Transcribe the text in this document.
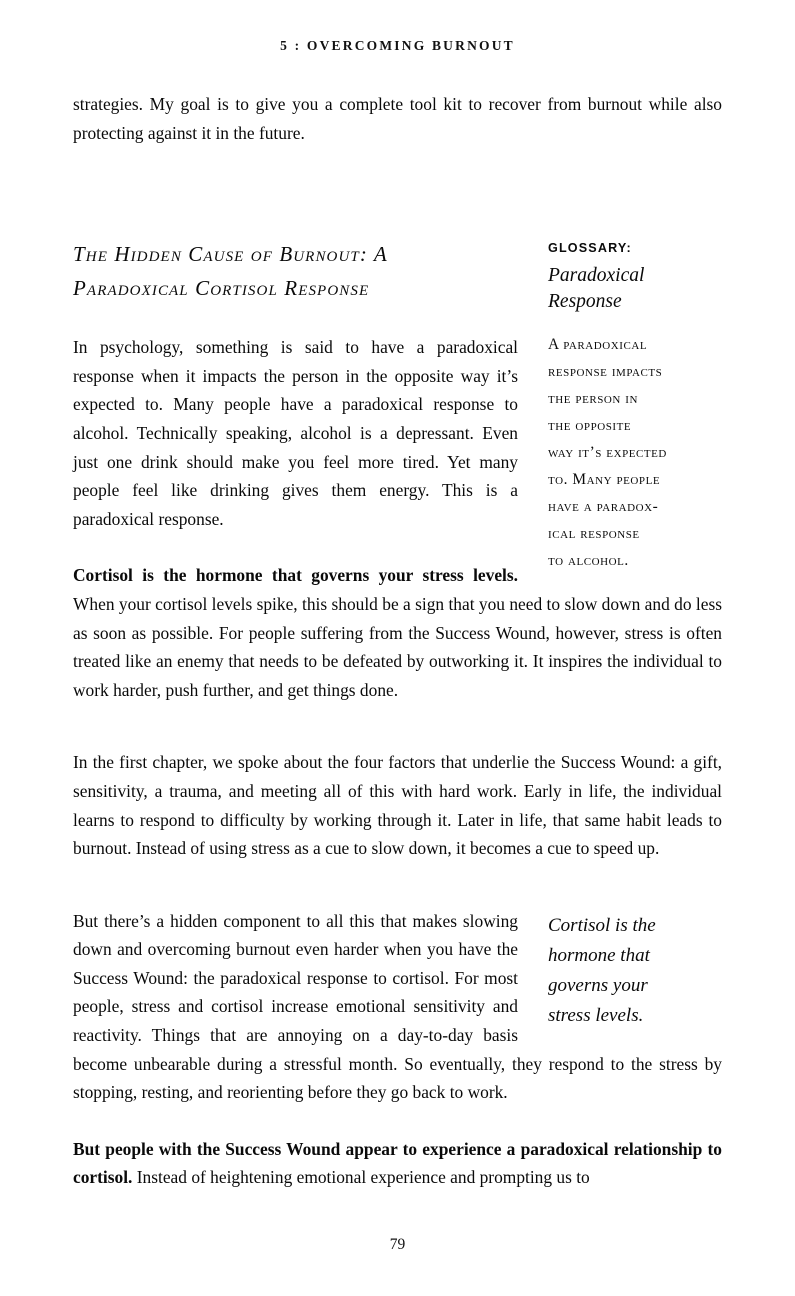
5 : OVERCOMING BURNOUT

strategies. My goal is to give you a complete tool kit to recover from burnout while also protecting against it in the future.

GLOSSARY:
Paradoxical
Response
A paradoxical
response impacts
the person in
the opposite
way it’s expected
to. Many people
have a paradox-
ical response
to alcohol.
The Hidden Cause of Burnout: A
Paradoxical Cortisol Response

In psychology, something is said to have a paradoxical response when it impacts the person in the opposite way it’s expected to. Many people have a paradoxical response to alcohol. Technically speaking, alcohol is a depressant. Even just one drink should make you feel more tired. Yet many people feel like drinking gives them energy. This is a paradoxical response.

Cortisol is the hormone that governs your stress levels. When your cortisol levels spike, this should be a sign that you need to slow down and do less as soon as possible. For people suffering from the Success Wound, however, stress is often treated like an enemy that needs to be defeated by outworking it. It inspires the individual to work harder, push further, and get things done.

In the first chapter, we spoke about the four factors that underlie the Success Wound: a gift, sensitivity, a trauma, and meeting all of this with hard work. Early in life, the individual learns to respond to difficulty by working through it. Later in life, that same habit leads to burnout. Instead of using stress as a cue to slow down, it becomes a cue to speed up.

Cortisol is the
hormone that
governs your
stress levels.

But there’s a hidden component to all this that makes slowing down and overcoming burnout even harder when you have the Success Wound: the paradoxical response to cortisol. For most people, stress and cortisol increase emotional sensitivity and reactivity. Things that are annoying on a day-to-day basis become unbearable during a stressful month. So eventually, they respond to the stress by stopping, resting, and reorienting before they go back to work.

But people with the Success Wound appear to experience a paradoxical relationship to cortisol. Instead of heightening emotional experience and prompting us to

79
